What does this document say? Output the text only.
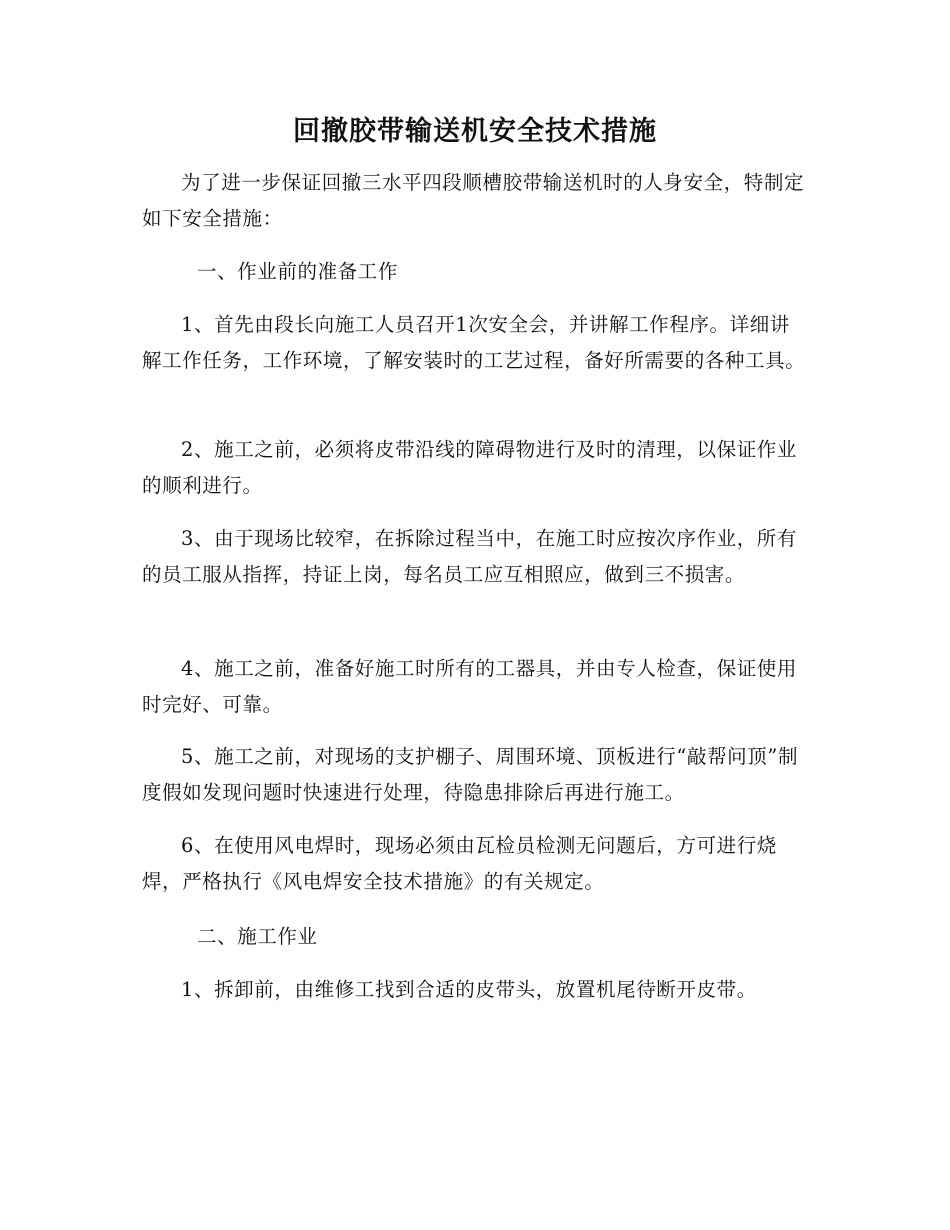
回撤胶带输送机安全技术措施

为了进一步保证回撤三水平四段顺槽胶带输送机时的人身安全，特制定如下安全措施：

一、作业前的准备工作

1、首先由段长向施工人员召开1次安全会，并讲解工作程序。详细讲解工作任务，工作环境，了解安装时的工艺过程，备好所需要的各种工具。

2、施工之前，必须将皮带沿线的障碍物进行及时的清理，以保证作业的顺利进行。

3、由于现场比较窄，在拆除过程当中，在施工时应按次序作业，所有的员工服从指挥，持证上岗，每名员工应互相照应，做到三不损害。

4、施工之前，准备好施工时所有的工器具，并由专人检查，保证使用时完好、可靠。

5、施工之前，对现场的支护棚子、周围环境、顶板进行“敲帮问顶”制度假如发现问题时快速进行处理，待隐患排除后再进行施工。

6、在使用风电焊时，现场必须由瓦检员检测无问题后，方可进行烧焊，严格执行《风电焊安全技术措施》的有关规定。

二、施工作业

1、拆卸前，由维修工找到合适的皮带头，放置机尾待断开皮带。
